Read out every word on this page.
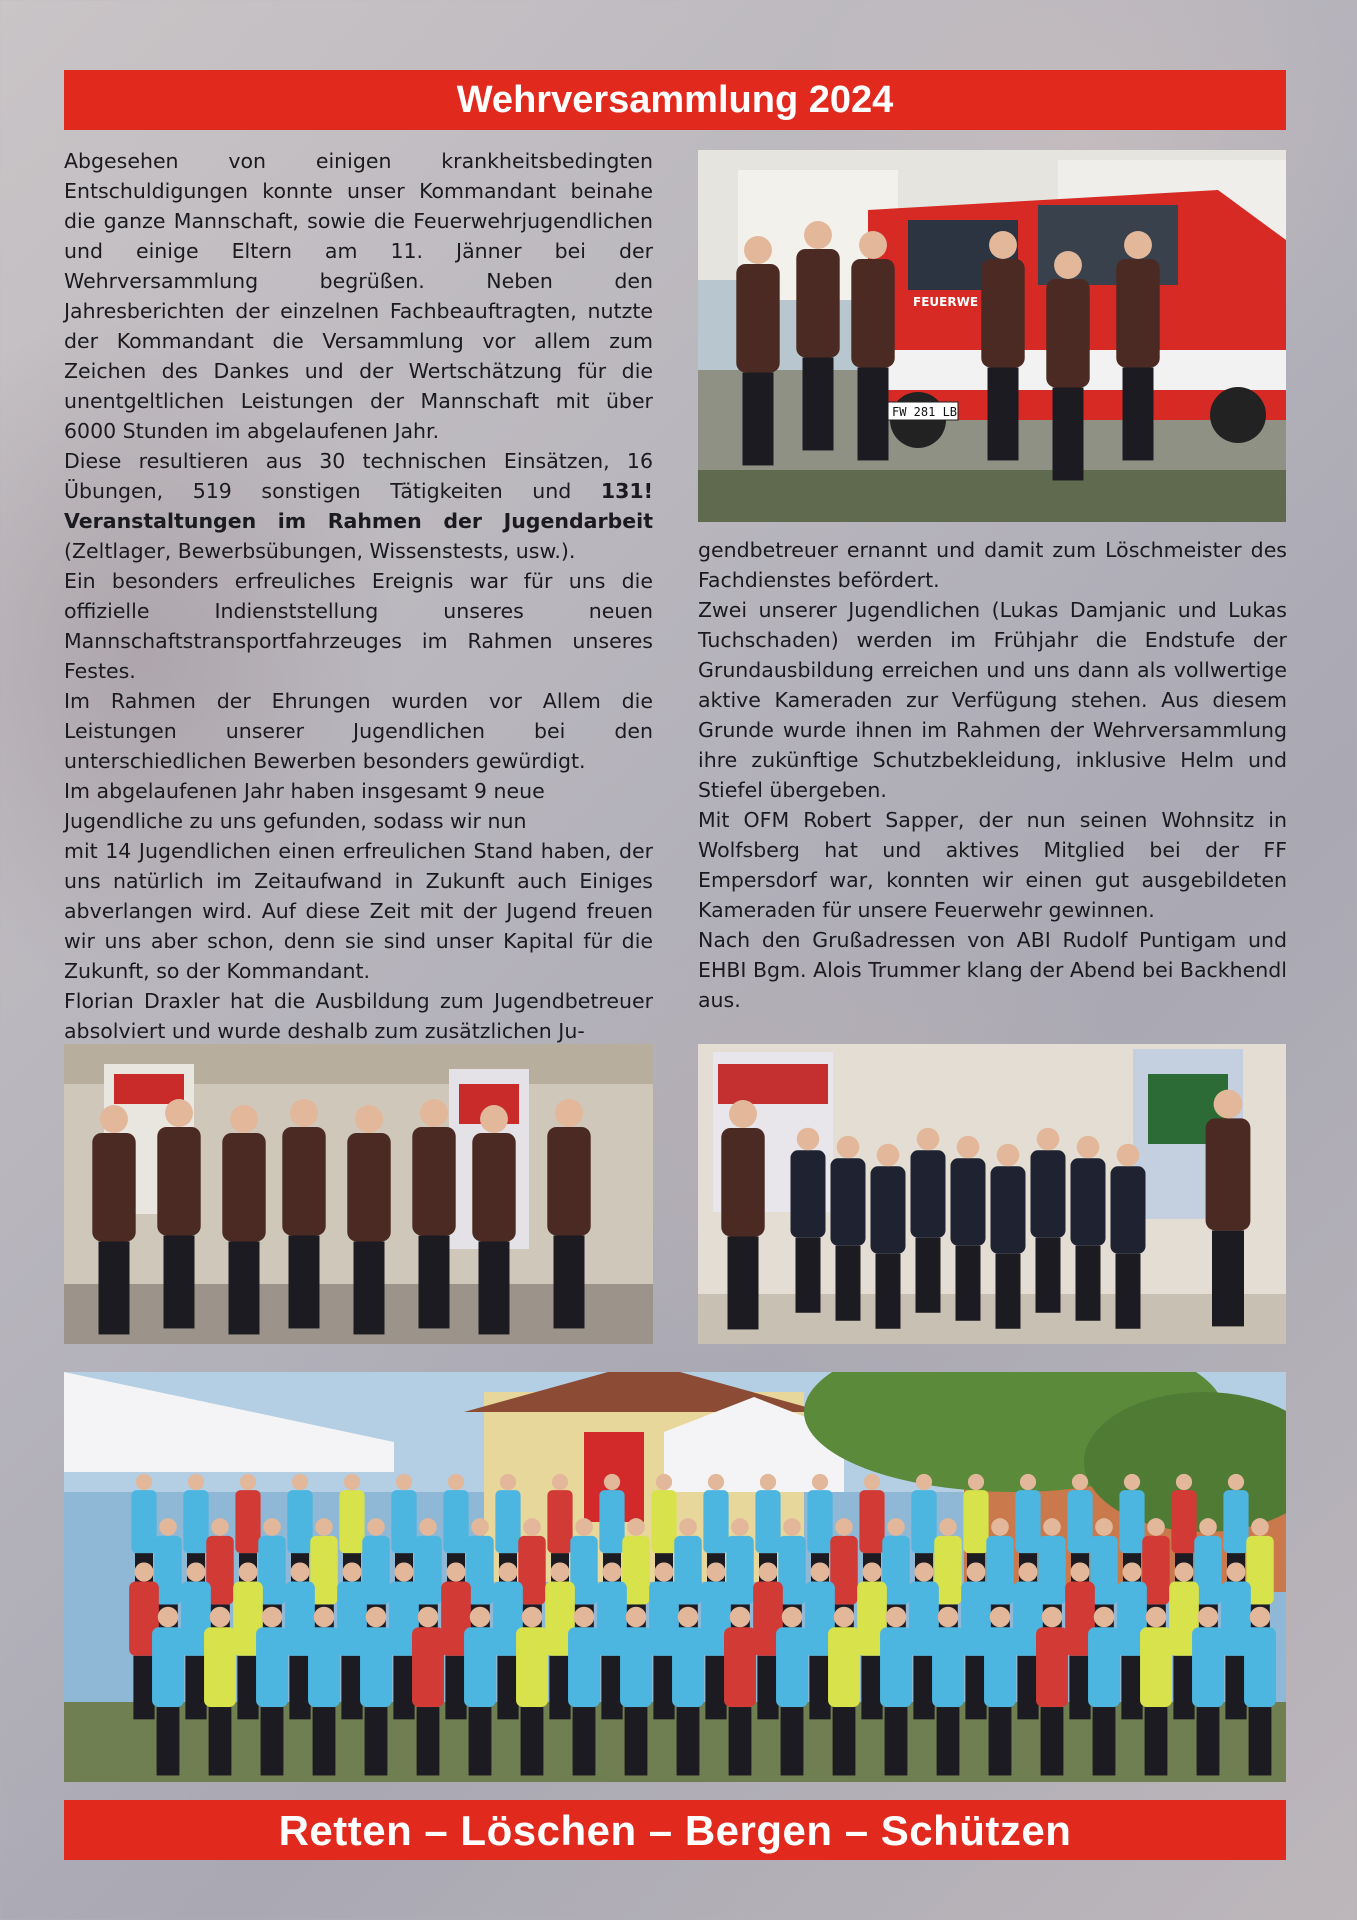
Wehrversammlung 2024

Abgesehen von einigen krankheitsbedingten Entschuldigungen konnte unser Kommandant beinahe die ganze Mannschaft, sowie die Feuerwehrjugendlichen und einige Eltern am 11. Jänner bei der Wehrversammlung begrüßen. Neben den Jahresberichten der einzelnen Fachbeauftragten, nutzte der Kommandant die Versammlung vor allem zum Zeichen des Dankes und der Wertschätzung für die unentgeltlichen Leistungen der Mannschaft mit über 6000 Stunden im abgelaufenen Jahr.

Diese resultieren aus 30 technischen Einsätzen, 16 Übungen, 519 sonstigen Tätigkeiten und 131! Veranstaltungen im Rahmen der Jugendarbeit (Zeltlager, Bewerbsübungen, Wissenstests, usw.).

Ein besonders erfreuliches Ereignis war für uns die offizielle Indienststellung unseres neuen Mannschaftstransportfahrzeuges im Rahmen unseres Festes.

Im Rahmen der Ehrungen wurden vor Allem die Leistungen unserer Jugendlichen bei den unterschiedlichen Bewerben besonders gewürdigt.

Im abgelaufenen Jahr haben insgesamt 9 neue Jugendliche zu uns gefunden, sodass wir nun

mit 14 Jugendlichen einen erfreulichen Stand haben, der uns natürlich im Zeitaufwand in Zukunft auch Einiges abverlangen wird. Auf diese Zeit mit der Jugend freuen wir uns aber schon, denn sie sind unser Kapital für die Zukunft, so der Kommandant.

Florian Draxler hat die Ausbildung zum Jugendbetreuer absolviert und wurde deshalb zum zusätzlichen Ju-

FW 281 LB
FEUERWE

gendbetreuer ernannt und damit zum Löschmeister des Fachdienstes befördert.

Zwei unserer Jugendlichen (Lukas Damjanic und Lukas Tuchschaden) werden im Frühjahr die Endstufe der Grundausbildung erreichen und uns dann als vollwertige aktive Kameraden zur Verfügung stehen. Aus diesem Grunde wurde ihnen im Rahmen der Wehrversammlung ihre zukünftige Schutzbekleidung, inklusive Helm und Stiefel übergeben.

Mit OFM Robert Sapper, der nun seinen Wohnsitz in Wolfsberg hat und aktives Mitglied bei der FF Empersdorf war, konnten wir einen gut ausgebildeten Kameraden für unsere Feuerwehr gewinnen.

Nach den Grußadressen von ABI Rudolf Puntigam und EHBI Bgm. Alois Trummer klang der Abend bei Backhendl aus.

Retten – Löschen – Bergen – Schützen
